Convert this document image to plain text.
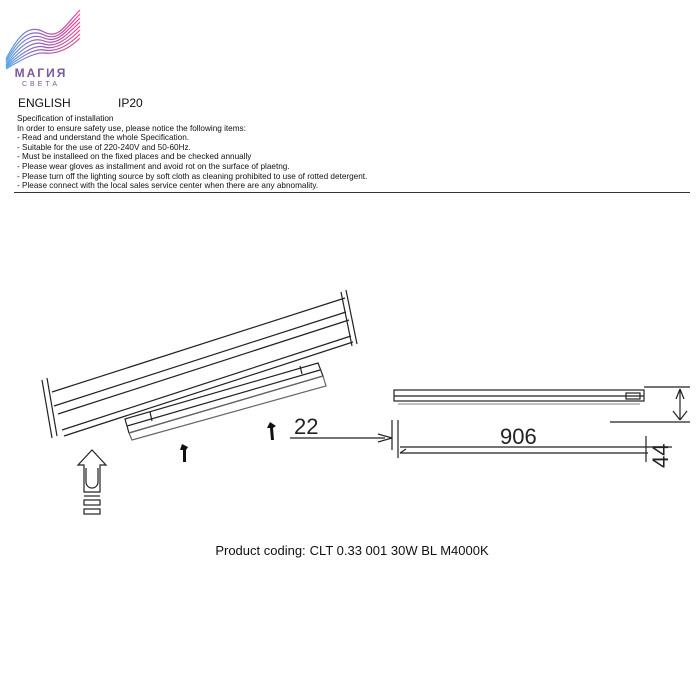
МАГИЯ
СВЕТА
ENGLISH	IP20
Specification of installation
In order to ensure safety use, please notice the following items:
- Read and understand the whole Specification.
- Suitable for the use of 220-240V and 50-60Hz.
- Must be installeed on the fixed places and be checked annually
- Please wear gloves as installment and avoid rot on the surface of plaetng.
- Please turn off the lighting source by soft cloth as cleaning prohibited to use of rotted detergent.
- Please connect with the local sales service center when there are any abnomality.
22	906
44
Product coding: CLT 0.33 001 30W BL M4000K
